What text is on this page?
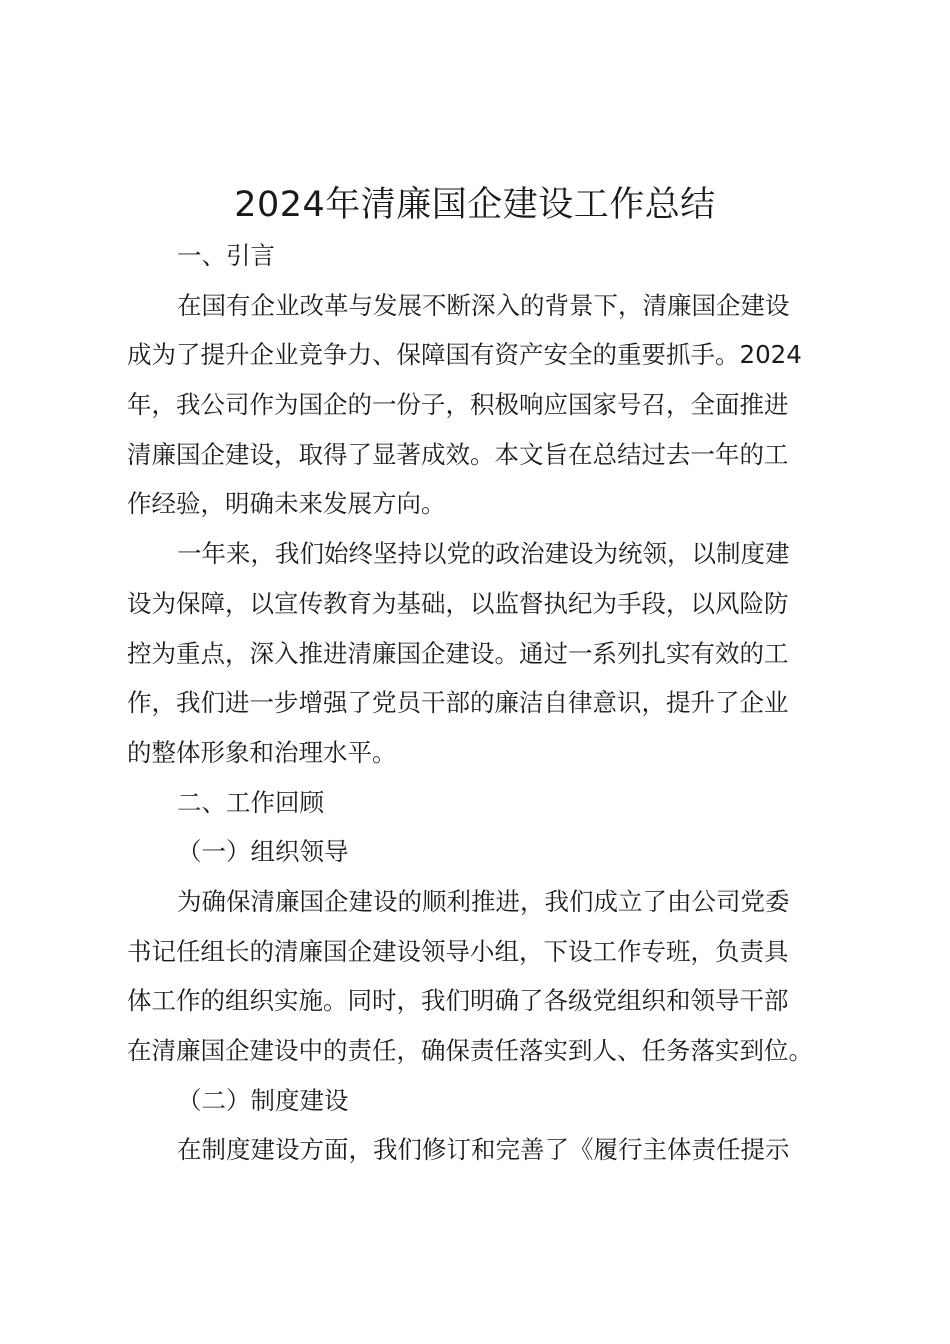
2024年清廉国企建设工作总结

一、引言

在国有企业改革与发展不断深入的背景下，清廉国企建设

成为了提升企业竞争力、保障国有资产安全的重要抓手。2024

年，我公司作为国企的一份子，积极响应国家号召，全面推进

清廉国企建设，取得了显著成效。本文旨在总结过去一年的工

作经验，明确未来发展方向。

一年来，我们始终坚持以党的政治建设为统领，以制度建

设为保障，以宣传教育为基础，以监督执纪为手段，以风险防

控为重点，深入推进清廉国企建设。通过一系列扎实有效的工

作，我们进一步增强了党员干部的廉洁自律意识，提升了企业

的整体形象和治理水平。

二、工作回顾

（一）组织领导

为确保清廉国企建设的顺利推进，我们成立了由公司党委

书记任组长的清廉国企建设领导小组，下设工作专班，负责具

体工作的组织实施。同时，我们明确了各级党组织和领导干部

在清廉国企建设中的责任，确保责任落实到人、任务落实到位。

（二）制度建设

在制度建设方面，我们修订和完善了《履行主体责任提示
